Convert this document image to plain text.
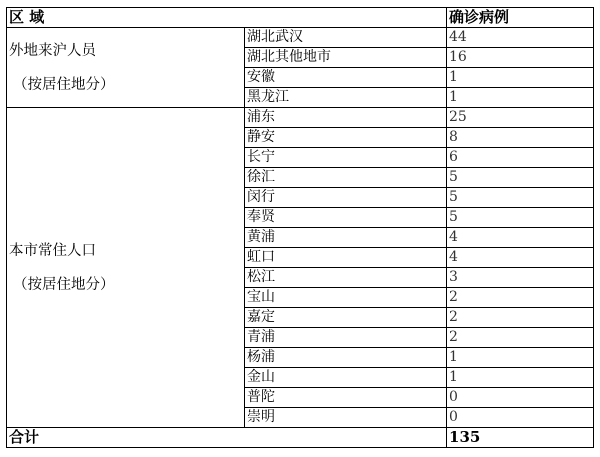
区 域		确诊病例
外地来沪人员
（按居住地分）	湖北武汉	44
	湖北其他地市	16
	安徽	1
	黑龙江	1
本市常住人口
（按居住地分）	浦东	25
	静安	8
	长宁	6
	徐汇	5
	闵行	5
	奉贤	5
	黄浦	4
	虹口	4
	松江	3
	宝山	2
	嘉定	2
	青浦	2
	杨浦	1
	金山	1
	普陀	0
	崇明	0
合计		135
